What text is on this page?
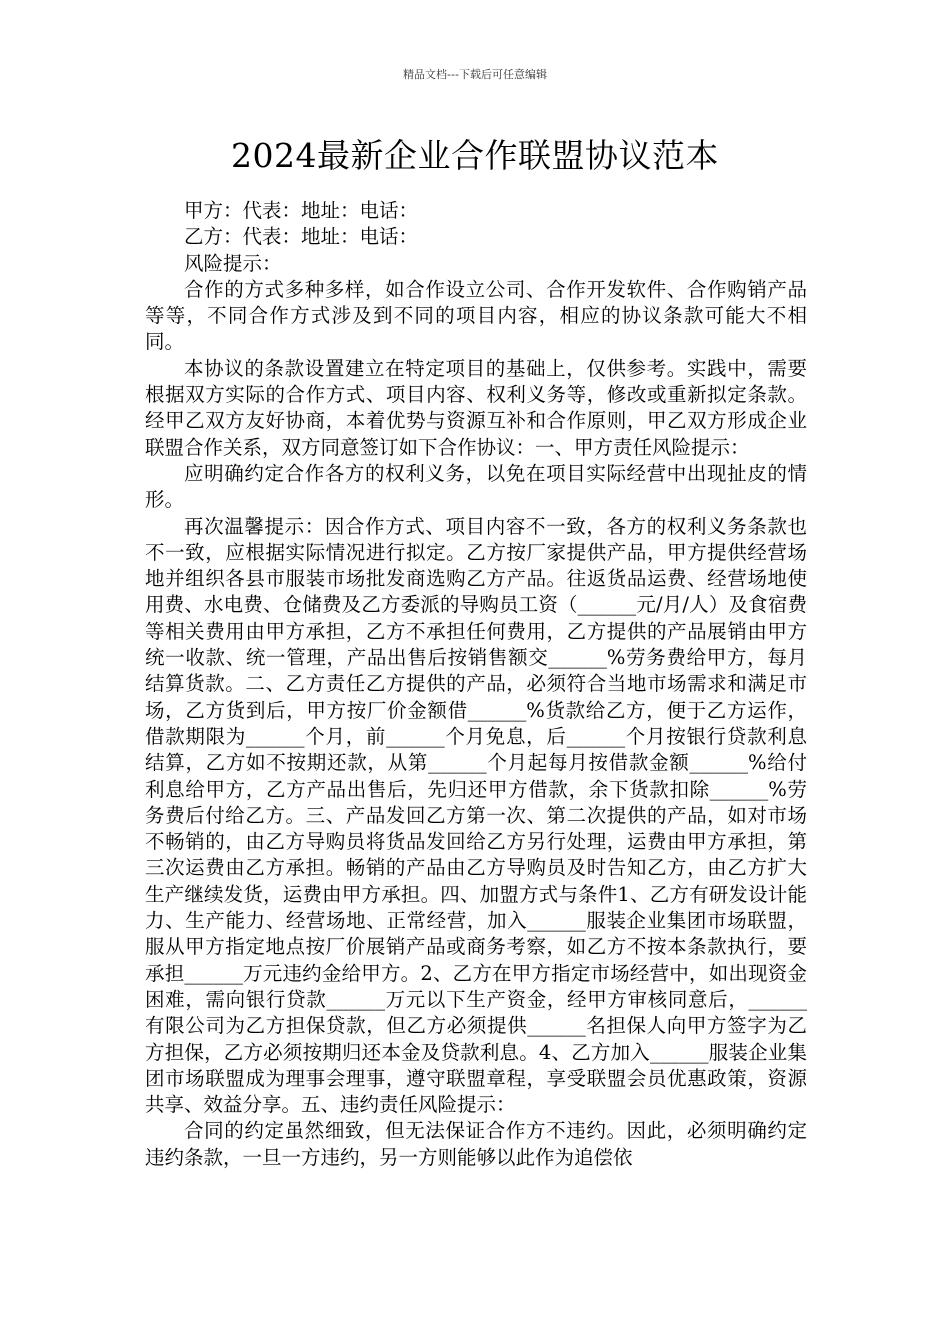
精品文档---下载后可任意编辑
2024最新企业合作联盟协议范本

甲方：代表：地址：电话：

乙方：代表：地址：电话：

风险提示：

合作的方式多种多样，如合作设立公司、合作开发软件、合作购销产品等等，不同合作方式涉及到不同的项目内容，相应的协议条款可能大不相同。

本协议的条款设置建立在特定项目的基础上，仅供参考。实践中，需要根据双方实际的合作方式、项目内容、权利义务等，修改或重新拟定条款。经甲乙双方友好协商，本着优势与资源互补和合作原则，甲乙双方形成企业联盟合作关系，双方同意签订如下合作协议：一、甲方责任风险提示：

应明确约定合作各方的权利义务，以免在项目实际经营中出现扯皮的情形。

再次温馨提示：因合作方式、项目内容不一致，各方的权利义务条款也不一致，应根据实际情况进行拟定。乙方按厂家提供产品，甲方提供经营场地并组织各县市服装市场批发商选购乙方产品。往返货品运费、经营场地使用费、水电费、仓储费及乙方委派的导购员工资（______元/月/人）及食宿费等相关费用由甲方承担，乙方不承担任何费用，乙方提供的产品展销由甲方统一收款、统一管理，产品出售后按销售额交______%劳务费给甲方，每月结算货款。二、乙方责任乙方提供的产品，必须符合当地市场需求和满足市场，乙方货到后，甲方按厂价金额借______%货款给乙方，便于乙方运作，借款期限为______个月，前______个月免息，后______个月按银行贷款利息结算，乙方如不按期还款，从第______个月起每月按借款金额______%给付利息给甲方，乙方产品出售后，先归还甲方借款，余下货款扣除______%劳务费后付给乙方。三、产品发回乙方第一次、第二次提供的产品，如对市场不畅销的，由乙方导购员将货品发回给乙方另行处理，运费由甲方承担，第三次运费由乙方承担。畅销的产品由乙方导购员及时告知乙方，由乙方扩大生产继续发货，运费由甲方承担。四、加盟方式与条件1、乙方有研发设计能力、生产能力、经营场地、正常经营，加入______服装企业集团市场联盟，服从甲方指定地点按厂价展销产品或商务考察，如乙方不按本条款执行，要承担______万元违约金给甲方。2、乙方在甲方指定市场经营中，如出现资金困难，需向银行贷款______万元以下生产资金，经甲方审核同意后，______有限公司为乙方担保贷款，但乙方必须提供______名担保人向甲方签字为乙方担保，乙方必须按期归还本金及贷款利息。4、乙方加入______服装企业集团市场联盟成为理事会理事，遵守联盟章程，享受联盟会员优惠政策，资源共享、效益分享。五、违约责任风险提示：

合同的约定虽然细致，但无法保证合作方不违约。因此，必须明确约定违约条款，一旦一方违约，另一方则能够以此作为追偿依
